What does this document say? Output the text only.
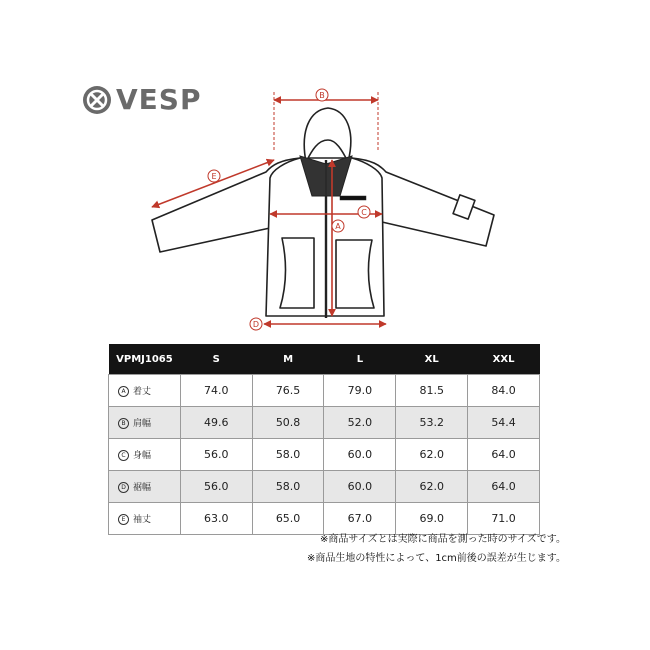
VESP	B
E
C
A
D
VPMJ1065	S	M	L	XL	XXL
A 着丈	74.0	76.5	79.0	81.5	84.0
B 肩幅	49.6	50.8	52.0	53.2	54.4
C 身幅	56.0	58.0	60.0	62.0	64.0
D 裾幅	56.0	58.0	60.0	62.0	64.0
E 袖丈	63.0	65.0	67.0	69.0	71.0
※商品サイズとは実際に商品を測った時のサイズです。
※商品生地の特性によって、1cm前後の誤差が生じます。
